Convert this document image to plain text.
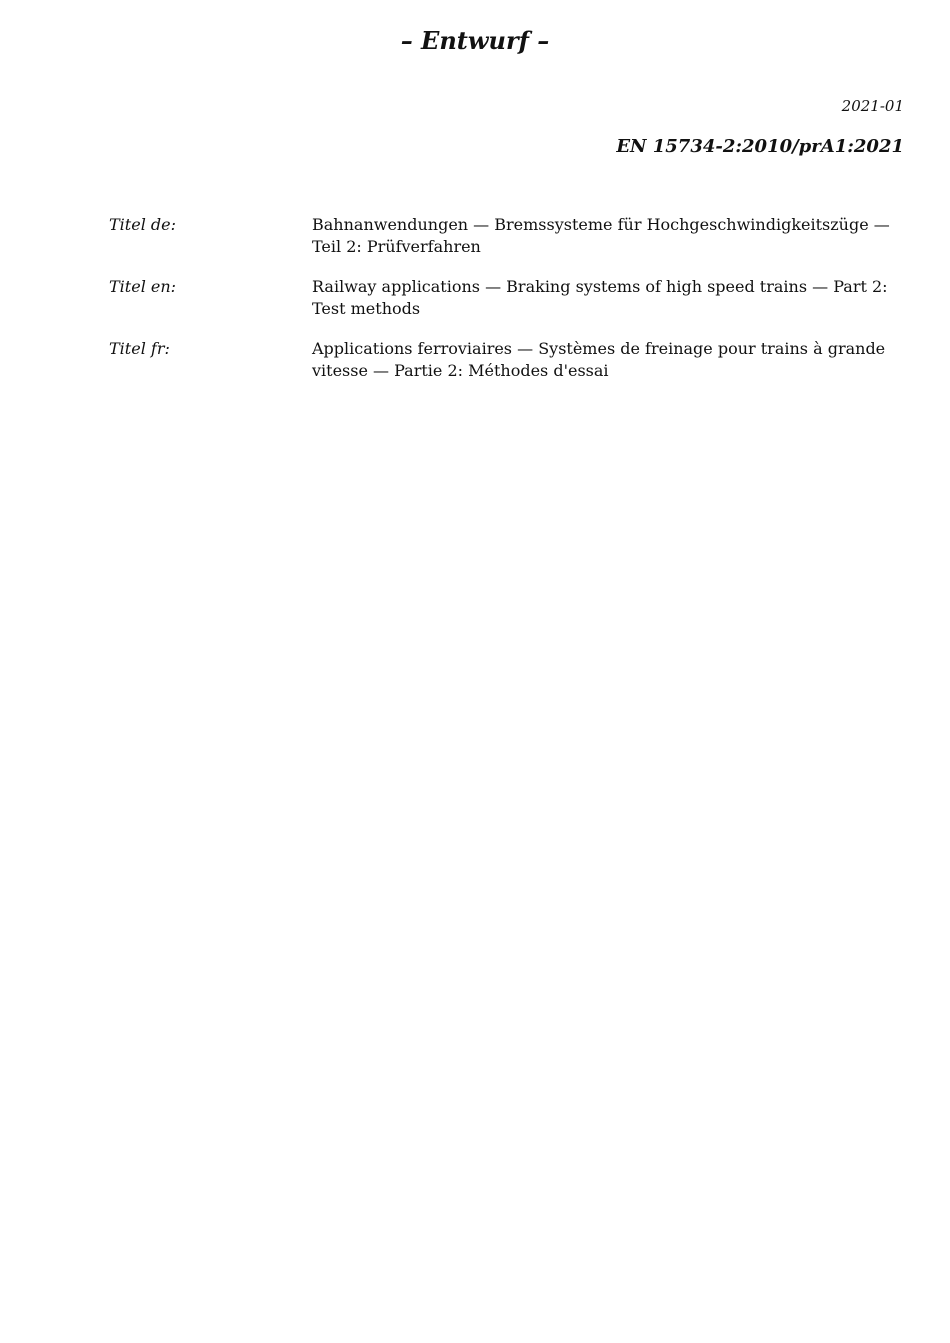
– Entwurf –
2021-01
EN 15734-2:2010/prA1:2021
Titel de:	Bahnanwendungen — Bremssysteme für Hochgeschwindigkeitszüge — Teil 2: Prüfverfahren
Titel en:	Railway applications — Braking systems of high speed trains — Part 2: Test methods
Titel fr:	Applications ferroviaires — Systèmes de freinage pour trains à grande vitesse — Partie 2: Méthodes d'essai
